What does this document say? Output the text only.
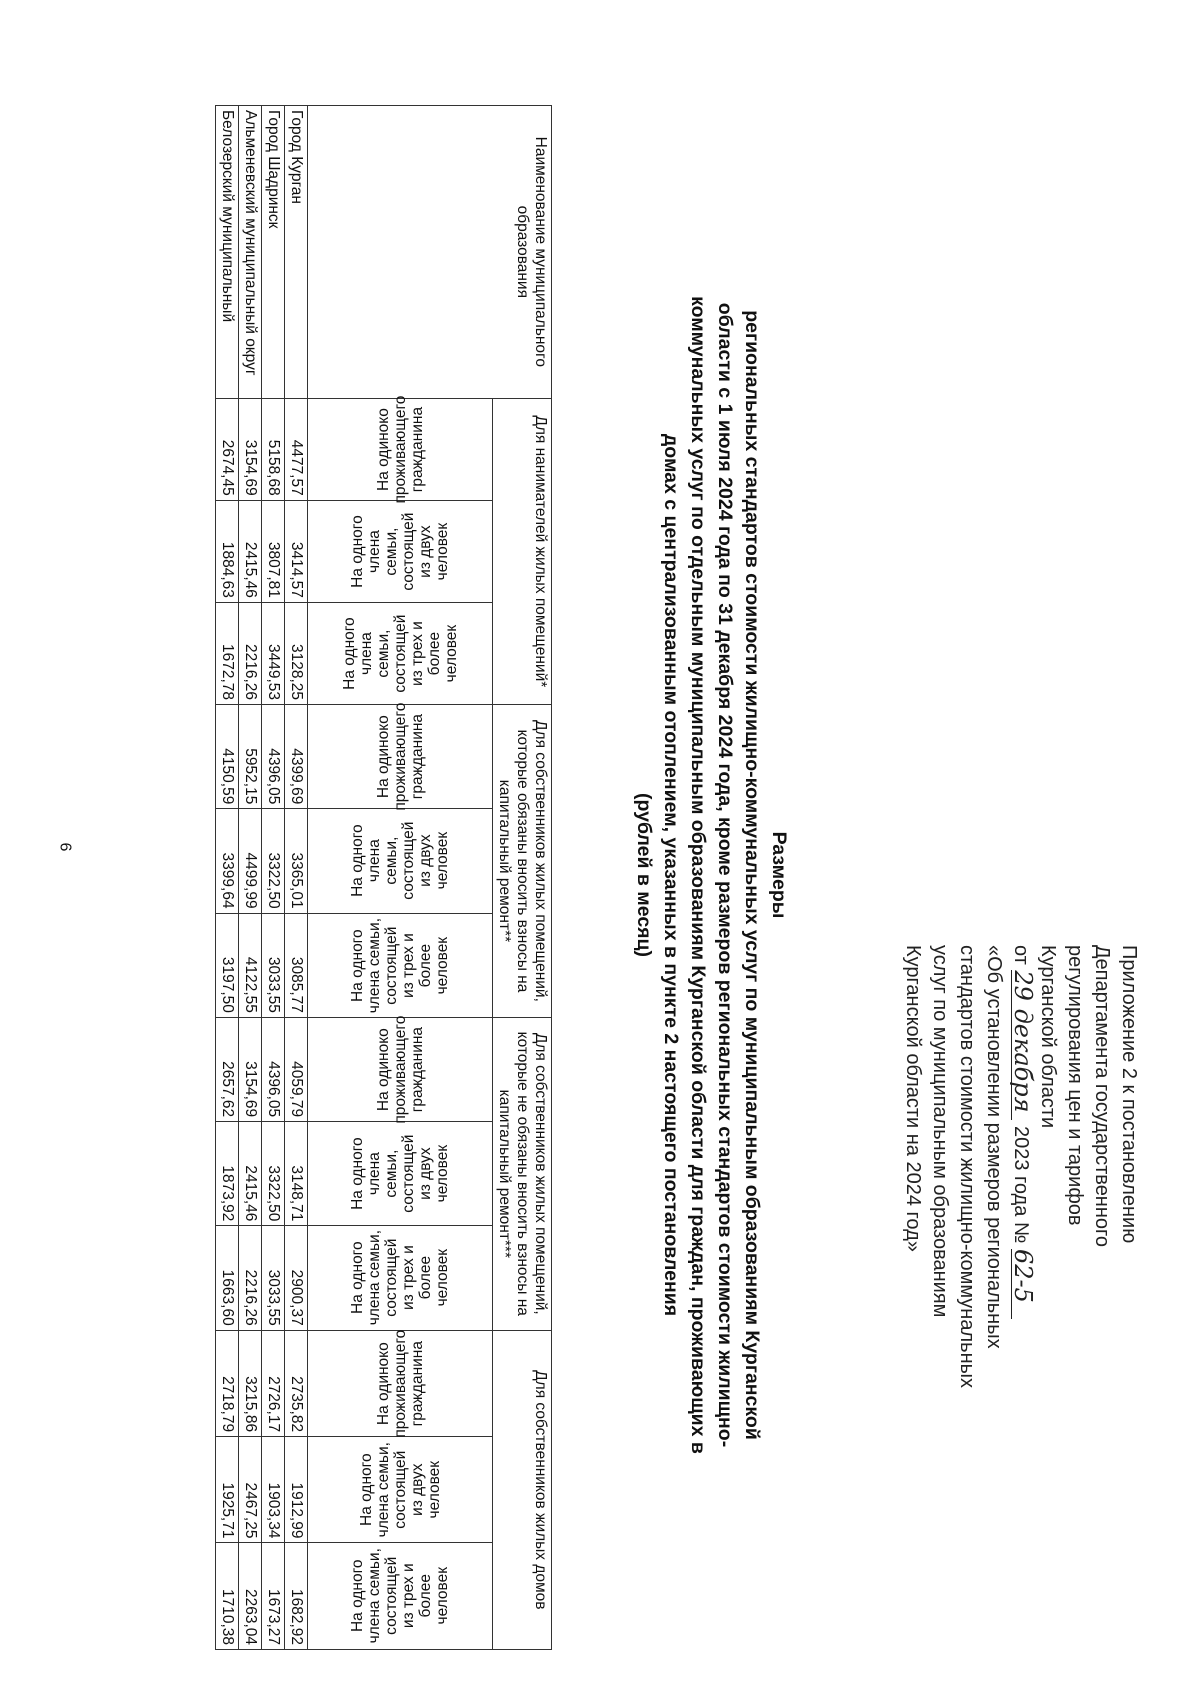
6
Приложение 2 к постановлению
Департамента государственного
регулирования цен и тарифов
Курганской области
от 29 декабря 2023 года № 62-5
«Об установлении размеров региональных
стандартов стоимости жилищно-коммунальных
услуг по муниципальным образованиям
Курганской области на 2024 год»
Размеры
региональных стандартов стоимости жилищно-коммунальных услуг по муниципальным образованиям Курганской
области с 1 июля 2024 года по 31 декабря 2024 года, кроме размеров региональных стандартов стоимости жилищно-
коммунальных услуг по отдельным муниципальным образованиям Курганской области для граждан, проживающих в
домах с централизованным отоплением, указанных в пункте 2 настоящего постановления
(рублей в месяц)
Наименование муниципального образования	Для нанимателей жилых помещений*			Для собственников жилых помещений, которые обязаны вносить взносы на капитальный ремонт**			Для собственников жилых помещений, которые не обязаны вносить взносы на капитальный ремонт***			Для собственников жилых домов		

На одиноко проживающего гражданина	На одного члена семьи, состоящей из двух человек	На одного члена семьи, состоящей из трех и более человек	На одиноко проживающего гражданина	На одного члена семьи, состоящей из двух человек	На одного члена семьи, состоящей из трех и более человек	На одиноко проживающего гражданина	На одного члена семьи, состоящей из двух человек	На одного члена семьи, состоящей из трех и более человек	На одиноко проживающего гражданина	На одного члена семьи, состоящей из двух человек	На одного члена семьи, состоящей из трех и более человек

Город Курган	4477,57	3414,57	3128,25	4399,69	3365,01	3085,77	4059,79	3148,71	2900,37	2735,82	1912,99	1682,92
Город Шадринск	5158,68	3807,81	3449,53	4396,05	3322,50	3033,55	4396,05	3322,50	3033,55	2726,17	1903,34	1673,27
Альменевский муниципальный округ	3154,69	2415,46	2216,26	5952,15	4499,99	4122,55	3154,69	2415,46	2216,26	3215,86	2467,25	2263,04
Белозерский муниципальный	2674,45	1884,63	1672,78	4150,59	3399,64	3197,50	2657,62	1873,92	1663,60	2718,79	1925,71	1710,38
